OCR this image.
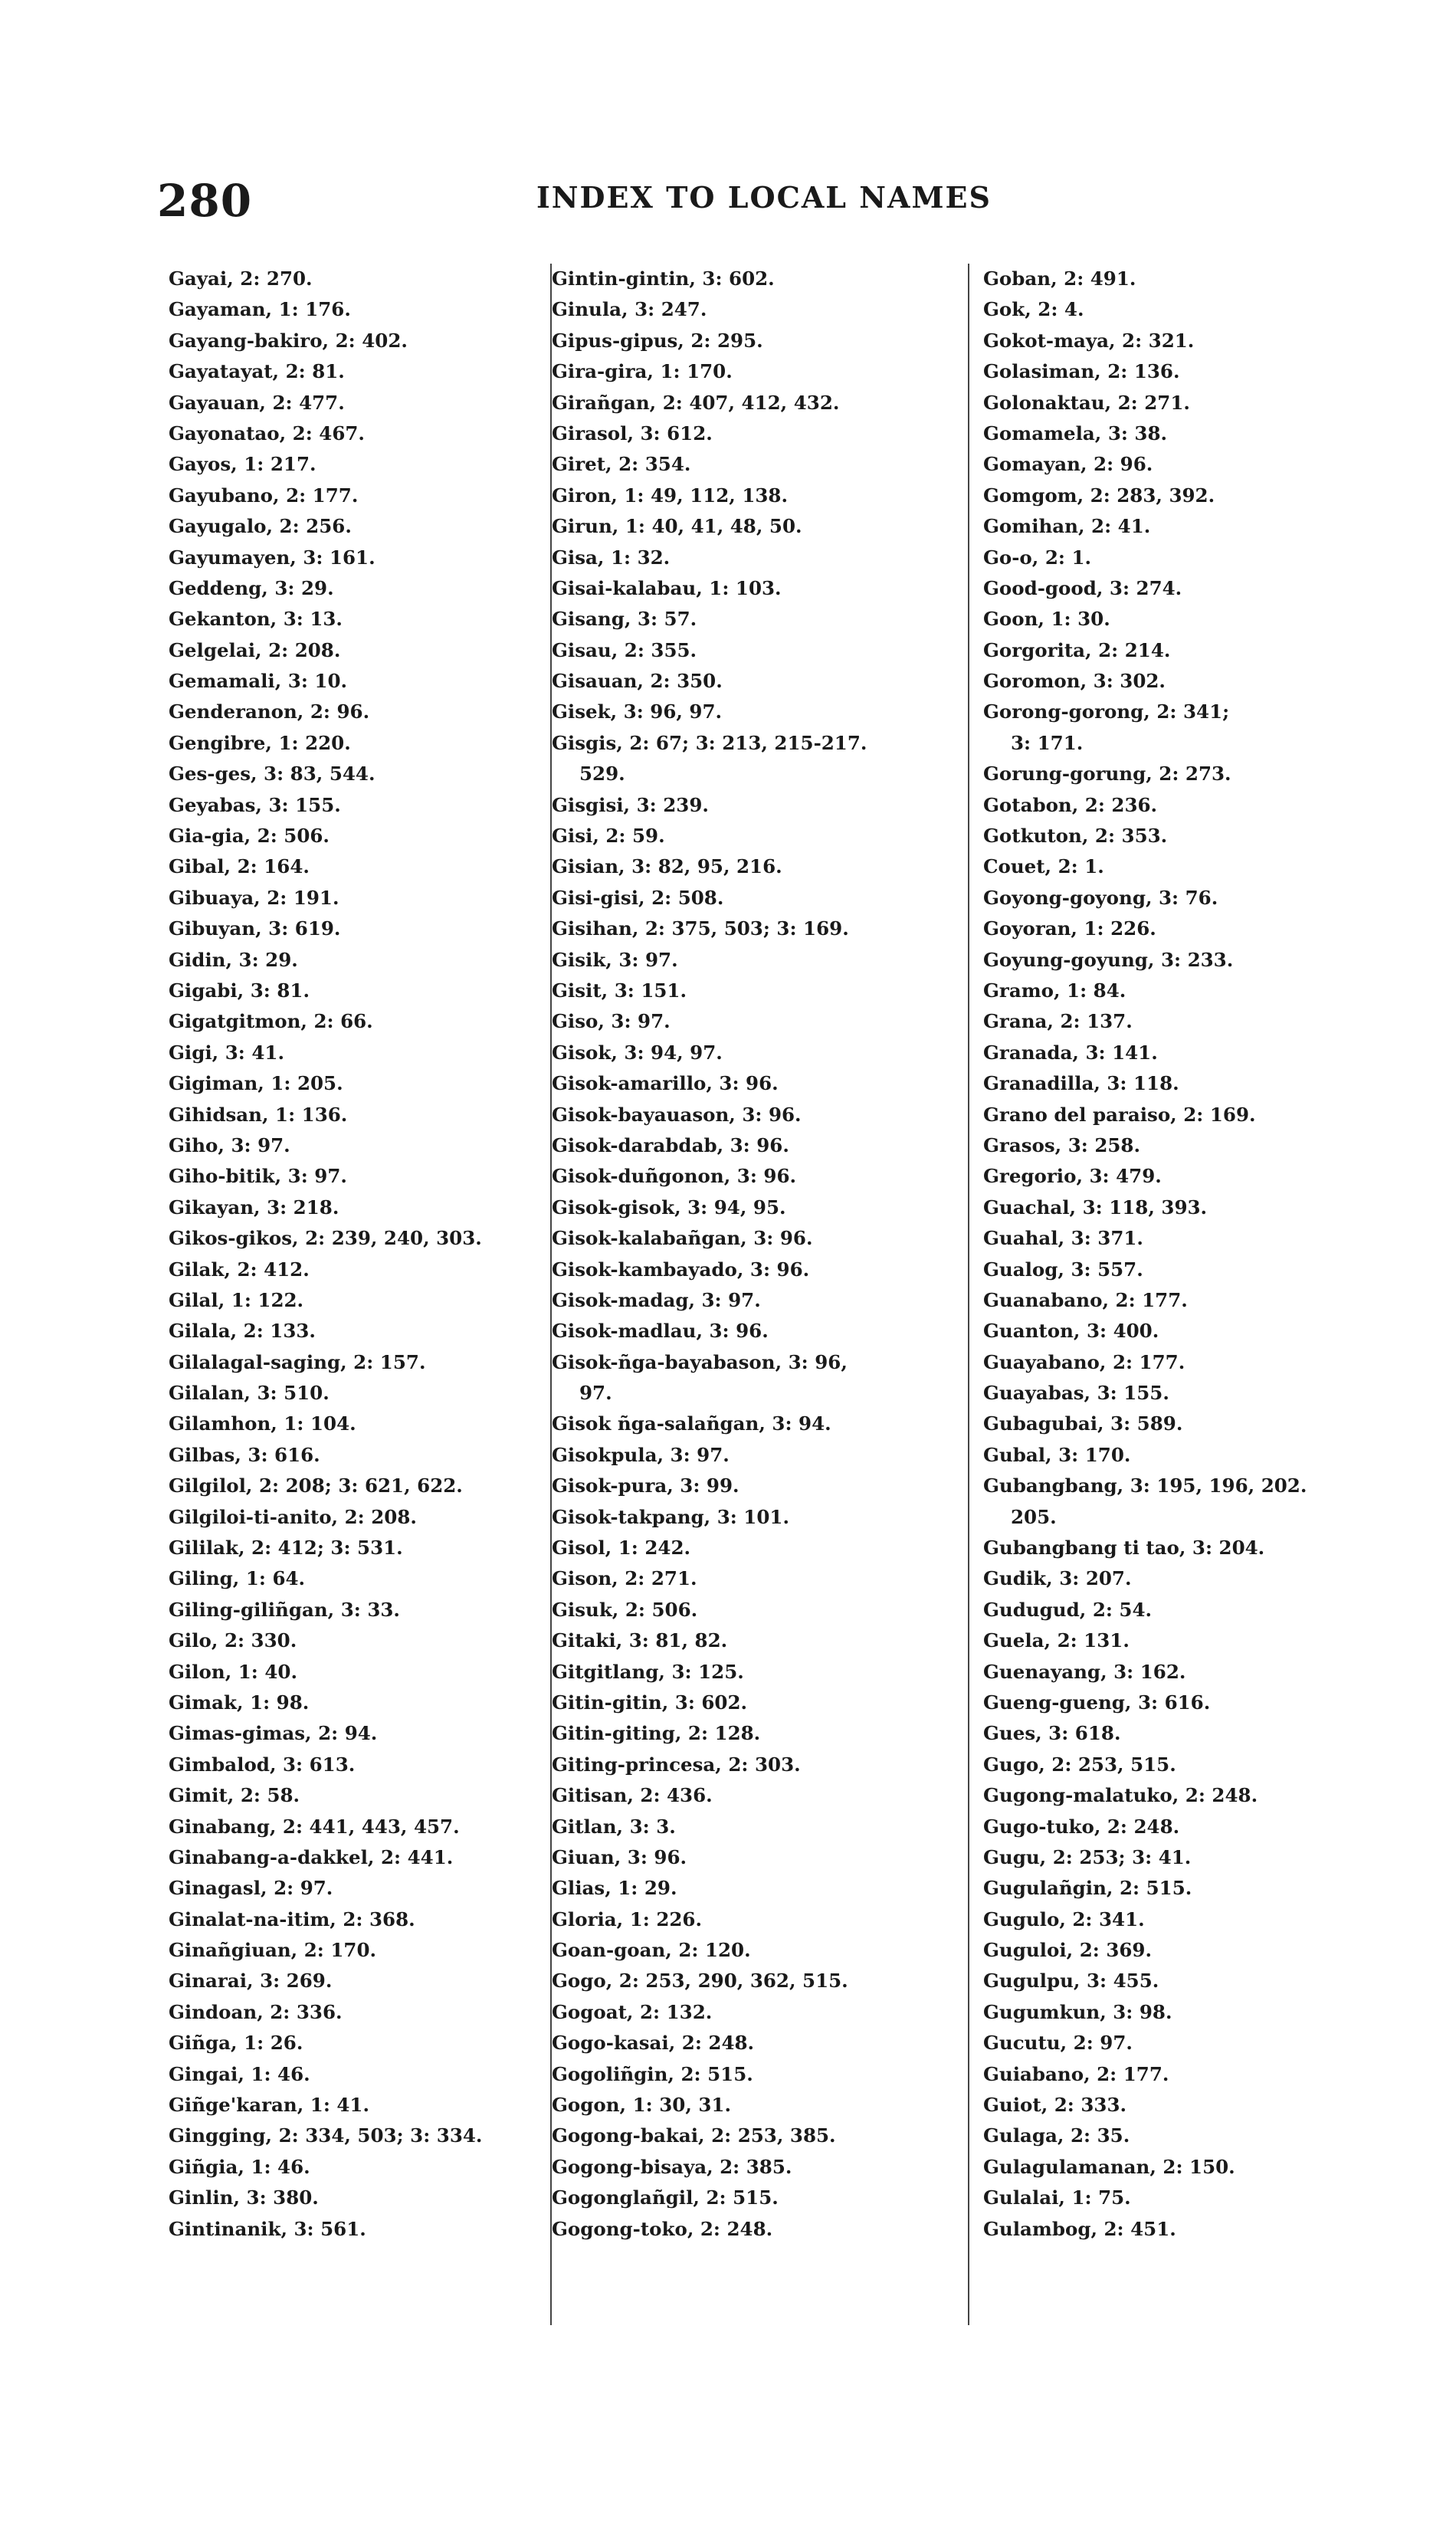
280	INDEX TO LOCAL NAMES
Gayai, 2: 270.
Gayaman, 1: 176.
Gayang-bakiro, 2: 402.
Gayatayat, 2: 81.
Gayauan, 2: 477.
Gayonatao, 2: 467.
Gayos, 1: 217.
Gayubano, 2: 177.
Gayugalo, 2: 256.
Gayumayen, 3: 161.
Geddeng, 3: 29.
Gekanton, 3: 13.
Gelgelai, 2: 208.
Gemamali, 3: 10.
Genderanon, 2: 96.
Gengibre, 1: 220.
Ges-ges, 3: 83, 544.
Geyabas, 3: 155.
Gia-gia, 2: 506.
Gibal, 2: 164.
Gibuaya, 2: 191.
Gibuyan, 3: 619.
Gidin, 3: 29.
Gigabi, 3: 81.
Gigatgitmon, 2: 66.
Gigi, 3: 41.
Gigiman, 1: 205.
Gihidsan, 1: 136.
Giho, 3: 97.
Giho-bitik, 3: 97.
Gikayan, 3: 218.
Gikos-gikos, 2: 239, 240, 303.
Gilak, 2: 412.
Gilal, 1: 122.
Gilala, 2: 133.
Gilalagal-saging, 2: 157.
Gilalan, 3: 510.
Gilamhon, 1: 104.
Gilbas, 3: 616.
Gilgilol, 2: 208; 3: 621, 622.
Gilgiloi-ti-anito, 2: 208.
Gililak, 2: 412; 3: 531.
Giling, 1: 64.
Giling-giliñgan, 3: 33.
Gilo, 2: 330.
Gilon, 1: 40.
Gimak, 1: 98.
Gimas-gimas, 2: 94.
Gimbalod, 3: 613.
Gimit, 2: 58.
Ginabang, 2: 441, 443, 457.
Ginabang-a-dakkel, 2: 441.
Ginagasl, 2: 97.
Ginalat-na-itim, 2: 368.
Ginañgiuan, 2: 170.
Ginarai, 3: 269.
Gindoan, 2: 336.
Giñga, 1: 26.
Gingai, 1: 46.
Giñge'karan, 1: 41.
Gingging, 2: 334, 503; 3: 334.
Giñgia, 1: 46.
Ginlin, 3: 380.
Gintinanik, 3: 561.
Gintin-gintin, 3: 602.
Ginula, 3: 247.
Gipus-gipus, 2: 295.
Gira-gira, 1: 170.
Girañgan, 2: 407, 412, 432.
Girasol, 3: 612.
Giret, 2: 354.
Giron, 1: 49, 112, 138.
Girun, 1: 40, 41, 48, 50.
Gisa, 1: 32.
Gisai-kalabau, 1: 103.
Gisang, 3: 57.
Gisau, 2: 355.
Gisauan, 2: 350.
Gisek, 3: 96, 97.
Gisgis, 2: 67; 3: 213, 215-217.
529.
Gisgisi, 3: 239.
Gisi, 2: 59.
Gisian, 3: 82, 95, 216.
Gisi-gisi, 2: 508.
Gisihan, 2: 375, 503; 3: 169.
Gisik, 3: 97.
Gisit, 3: 151.
Giso, 3: 97.
Gisok, 3: 94, 97.
Gisok-amarillo, 3: 96.
Gisok-bayauason, 3: 96.
Gisok-darabdab, 3: 96.
Gisok-duñgonon, 3: 96.
Gisok-gisok, 3: 94, 95.
Gisok-kalabañgan, 3: 96.
Gisok-kambayado, 3: 96.
Gisok-madag, 3: 97.
Gisok-madlau, 3: 96.
Gisok-ñga-bayabason, 3: 96,
97.
Gisok ñga-salañgan, 3: 94.
Gisokpula, 3: 97.
Gisok-pura, 3: 99.
Gisok-takpang, 3: 101.
Gisol, 1: 242.
Gison, 2: 271.
Gisuk, 2: 506.
Gitaki, 3: 81, 82.
Gitgitlang, 3: 125.
Gitin-gitin, 3: 602.
Gitin-giting, 2: 128.
Giting-princesa, 2: 303.
Gitisan, 2: 436.
Gitlan, 3: 3.
Giuan, 3: 96.
Glias, 1: 29.
Gloria, 1: 226.
Goan-goan, 2: 120.
Gogo, 2: 253, 290, 362, 515.
Gogoat, 2: 132.
Gogo-kasai, 2: 248.
Gogoliñgin, 2: 515.
Gogon, 1: 30, 31.
Gogong-bakai, 2: 253, 385.
Gogong-bisaya, 2: 385.
Gogonglañgil, 2: 515.
Gogong-toko, 2: 248.
Goban, 2: 491.
Gok, 2: 4.
Gokot-maya, 2: 321.
Golasiman, 2: 136.
Golonaktau, 2: 271.
Gomamela, 3: 38.
Gomayan, 2: 96.
Gomgom, 2: 283, 392.
Gomihan, 2: 41.
Go-o, 2: 1.
Good-good, 3: 274.
Goon, 1: 30.
Gorgorita, 2: 214.
Goromon, 3: 302.
Gorong-gorong, 2: 341;
3: 171.
Gorung-gorung, 2: 273.
Gotabon, 2: 236.
Gotkuton, 2: 353.
Couet, 2: 1.
Goyong-goyong, 3: 76.
Goyoran, 1: 226.
Goyung-goyung, 3: 233.
Gramo, 1: 84.
Grana, 2: 137.
Granada, 3: 141.
Granadilla, 3: 118.
Grano del paraiso, 2: 169.
Grasos, 3: 258.
Gregorio, 3: 479.
Guachal, 3: 118, 393.
Guahal, 3: 371.
Gualog, 3: 557.
Guanabano, 2: 177.
Guanton, 3: 400.
Guayabano, 2: 177.
Guayabas, 3: 155.
Gubagubai, 3: 589.
Gubal, 3: 170.
Gubangbang, 3: 195, 196, 202.
205.
Gubangbang ti tao, 3: 204.
Gudik, 3: 207.
Gudugud, 2: 54.
Guela, 2: 131.
Guenayang, 3: 162.
Gueng-gueng, 3: 616.
Gues, 3: 618.
Gugo, 2: 253, 515.
Gugong-malatuko, 2: 248.
Gugo-tuko, 2: 248.
Gugu, 2: 253; 3: 41.
Gugulañgin, 2: 515.
Gugulo, 2: 341.
Guguloi, 2: 369.
Gugulpu, 3: 455.
Gugumkun, 3: 98.
Gucutu, 2: 97.
Guiabano, 2: 177.
Guiot, 2: 333.
Gulaga, 2: 35.
Gulagulamanan, 2: 150.
Gulalai, 1: 75.
Gulambog, 2: 451.
